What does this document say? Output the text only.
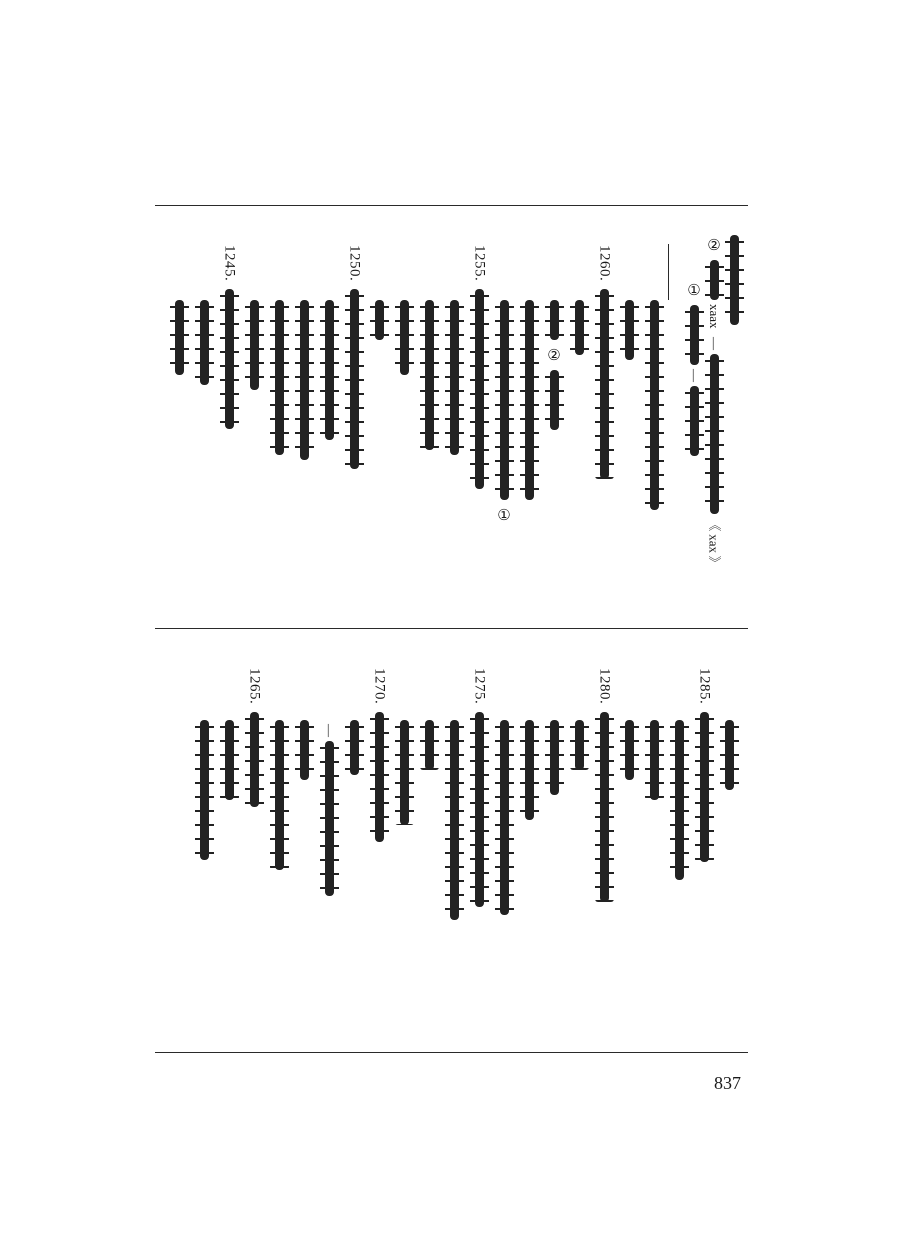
②
xaax
—
《 xax 》
①
—
1260.
②
①
1255.
1250.
1245.
1285.
1280.
1275.
1270.
—
1265.
837
